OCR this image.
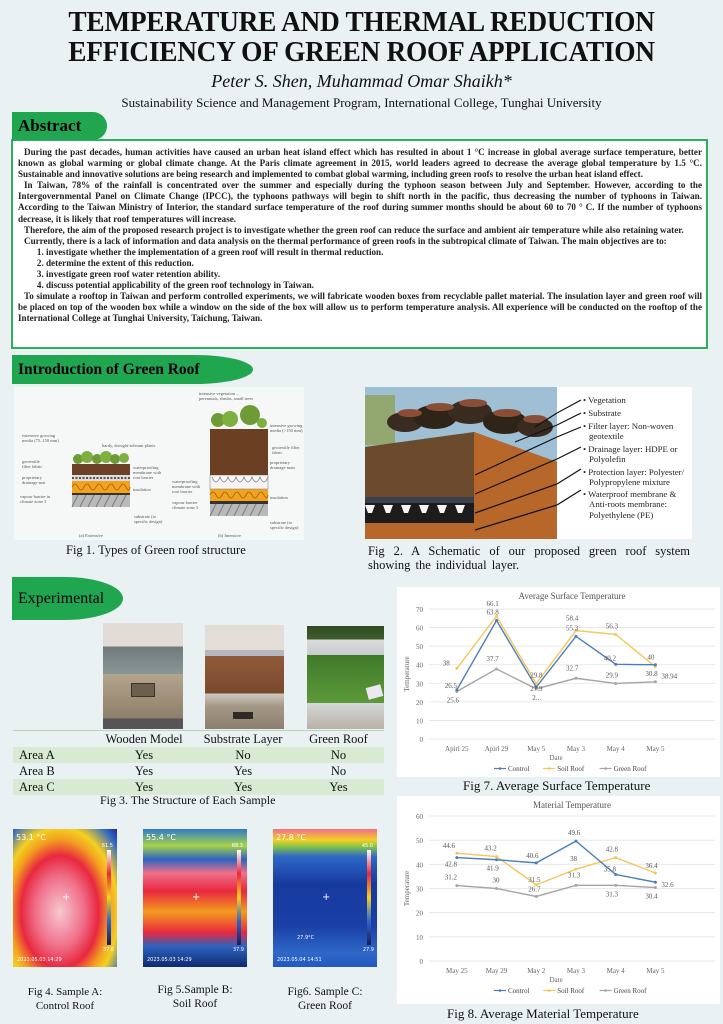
TEMPERATURE AND THERMAL REDUCTION
EFFICIENCY OF GREEN ROOF APPLICATION
Peter S. Shen, Muhammad Omar Shaikh*
Sustainability Science and Management Program, International College, Tunghai University

During the past decades, human activities have caused an urban heat island effect which has resulted in about 1 °C increase in global average surface temperature, better known as global warming or global climate change. At the Paris climate agreement in 2015, world leaders agreed to decrease the average global temperature by 1.5 °C. Sustainable and innovative solutions are being research and implemented to combat global warming, including green roofs to resolve the urban heat island effect.

In Taiwan, 78% of the rainfall is concentrated over the summer and especially during the typhoon season between July and September. However, according to the Intergovernmental Panel on Climate Change (IPCC), the typhoons pathways will begin to shift north in the pacific, thus decreasing the number of typhoons in Taiwan. According to the Taiwan Ministry of Interior, the standard surface temperature of the roof during summer months should be about 60 to 70 ° C. If the number of typhoons decrease, it is likely that roof temperatures will increase.

Therefore, the aim of the proposed research project is to investigate whether the green roof can reduce the surface and ambient air temperature while also retaining water.

Currently, there is a lack of information and data analysis on the thermal performance of green roofs in the subtropical climate of Taiwan. The main objectives are to:

1. investigate whether the implementation of a green roof will result in thermal reduction.
2. determine the extent of this reduction.
3. investigate green roof water retention ability.
4. discuss potential applicability of the green roof technology in Taiwan.

To simulate a rooftop in Taiwan and perform controlled experiments, we will fabricate wooden boxes from recyclable pallet material. The insulation layer and green roof will be placed on top of the wooden box while a window on the side of the box will allow us to perform temperature analysis. All experience will be conducted on the rooftop of the International College at Tunghai University, Taichung, Taiwan.

Abstract
Introduction of Green Roof
extensive growing
media (75–150 mm)
hardy, drought-tolerant plants
geotextile
filter fabric
proprietary
drainage mat
waterproofing
membrane with
root barrier
insulation
vapour barrier in
climate zone 3
substrate (to
specific design)
(a) Extensive
intensive vegetation –
perennials, shrubs, small trees
intensive growing
media (>150 mm)
geotextile filter
fabric
proprietary
drainage mats
waterproofing
membrane with
root barrier
insulation
vapour barrier
climate zone 3
substrate (to
specific design)
(b) Intensive
Fig 1. Types of Green roof structure
• Vegetation
• Substrate
• Filter layer: Non-woven geotextile
• Drainage layer: HDPE or Polyolefin
• Protection layer: Polyester/ Polypropylene mixture
• Waterproof membrane & Anti-roots membrane: Polyethylene (PE)
Fig 2. A Schematic of our proposed green roof system showing the individual layer.
Experimental
	Wooden Model	Substrate Layer	Green Roof
Area A	Yes	No	No
Area B	Yes	Yes	No
Area C	Yes	Yes	Yes
Fig 3. The Structure of Each Sample
53.1 °C
61.5
37.6
2023.05.03 14:29
+
55.4 °C
68.3
37.9
2023.05.03 14:29
+
27.8 °C
45.0
27.9
27.9°C
2023.05.04 14:51
+
Fig 4. Sample A:
Control Roof
Fig 5.Sample B:
Soil Roof
Fig6. Sample C:
Green Roof
Average Surface Temperature
0
10
20
30
40
50
60
70
Apirl 25 Apirl 29	May 5	May 3	May 4	May 5
Date
Temperature	26.5
63.8
27.9
55.3
40.2
38
66.1
29.8
58.4
56.3
38.94
25.6
37.7
2...
32.7
29.9	30.8
40
Control	Soil Roof	Green Roof
Fig 7. Average Surface Temperature
Material Temperature
0
10
20
30
40
50
60
May 25	May 29	May 2	May 3	May 4	May 5
Date
Temperature
42.8
41.9
40.6
49.6
35.8
32.6
44.6	43.2
31.5
38
42.8
36.4
31.2	30
26.7
31.3
31.3	30.4
Control	Soil Roof	Green Roof
Fig 8. Average Material Temperature
